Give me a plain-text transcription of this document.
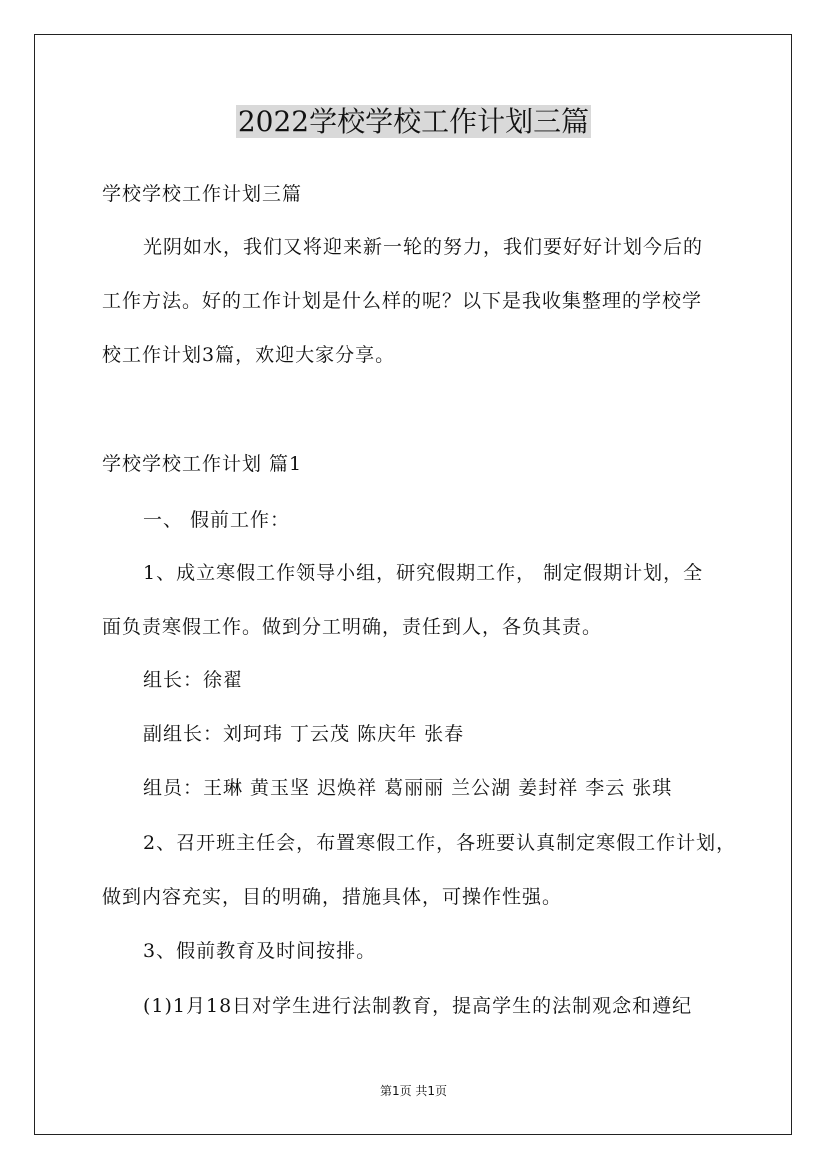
2022学校学校工作计划三篇
学校学校工作计划三篇
光阴如水，我们又将迎来新一轮的努力，我们要好好计划今后的
工作方法。好的工作计划是什么样的呢？以下是我收集整理的学校学
校工作计划3篇，欢迎大家分享。
学校学校工作计划 篇1
一、 假前工作：
1、成立寒假工作领导小组，研究假期工作， 制定假期计划，全
面负责寒假工作。做到分工明确，责任到人，各负其责。
组长：徐翟
副组长：刘珂玮 丁云茂 陈庆年 张春
组员：王琳 黄玉坚 迟焕祥 葛丽丽 兰公湖 姜封祥 李云 张琪
2、召开班主任会，布置寒假工作，各班要认真制定寒假工作计划，
做到内容充实，目的明确，措施具体，可操作性强。
3、假前教育及时间按排。
(1)1月18日对学生进行法制教育，提高学生的法制观念和遵纪
第1页 共1页
